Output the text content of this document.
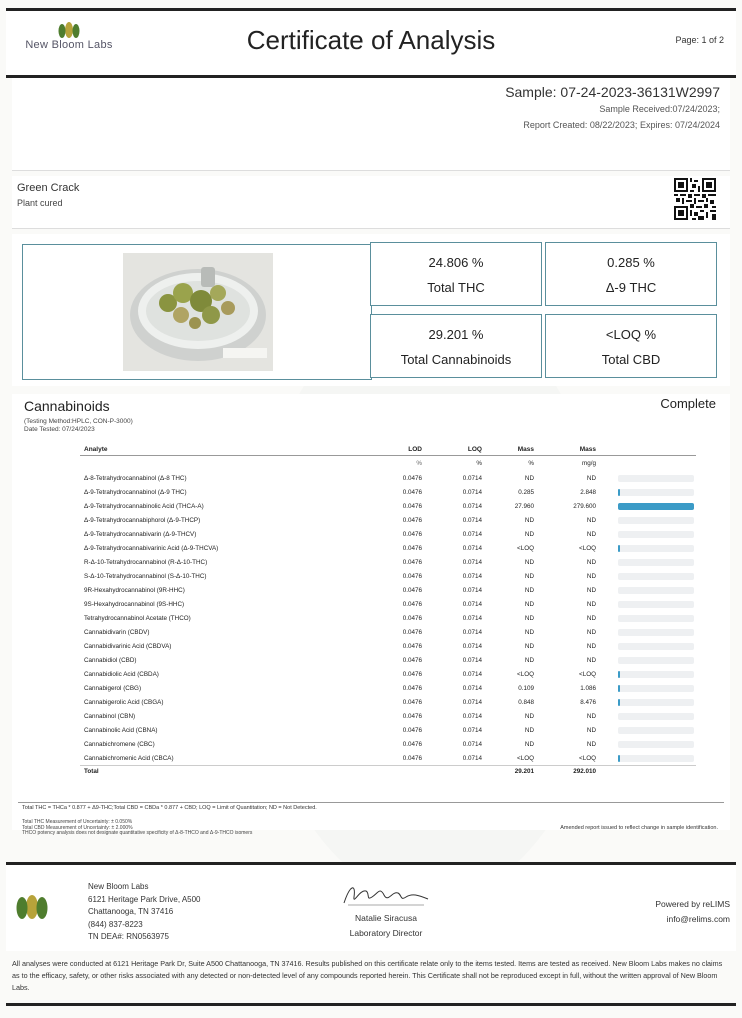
New Bloom Labs	Certificate of Analysis	Page: 1 of 2
Sample: 07-24-2023-36131W2997
Sample Received:07/24/2023;
Report Created: 08/22/2023; Expires: 07/24/2024
Green Crack
Plant cured
24.806 %
Total THC
0.285 %
Δ-9 THC
29.201 %
Total Cannabinoids
<LOQ %
Total CBD
Cannabinoids	Complete
(Testing Method:HPLC, CON-P-3000)
Date Tested: 07/24/2023
Analyte	LOD	LOQ	Mass	Mass	
	%	%	%	mg/g	
Δ-8-Tetrahydrocannabinol (Δ-8 THC)	0.0476	0.0714	ND	ND	

Δ-9-Tetrahydrocannabinol (Δ-9 THC)	0.0476	0.0714	0.285	2.848	

Δ-9-Tetrahydrocannabinolic Acid (THCA-A)	0.0476	0.0714	27.960	279.600	

Δ-9-Tetrahydrocannabiphorol (Δ-9-THCP)	0.0476	0.0714	ND	ND	

Δ-9-Tetrahydrocannabivarin (Δ-9-THCV)	0.0476	0.0714	ND	ND	

Δ-9-Tetrahydrocannabivarinic Acid (Δ-9-THCVA)	0.0476	0.0714	<LOQ	<LOQ	

R-Δ-10-Tetrahydrocannabinol (R-Δ-10-THC)	0.0476	0.0714	ND	ND	

S-Δ-10-Tetrahydrocannabinol (S-Δ-10-THC)	0.0476	0.0714	ND	ND	

9R-Hexahydrocannabinol (9R-HHC)	0.0476	0.0714	ND	ND	

9S-Hexahydrocannabinol (9S-HHC)	0.0476	0.0714	ND	ND	

Tetrahydrocannabinol Acetate (THCO)	0.0476	0.0714	ND	ND	

Cannabidivarin (CBDV)	0.0476	0.0714	ND	ND	

Cannabidivarinic Acid (CBDVA)	0.0476	0.0714	ND	ND	

Cannabidiol (CBD)	0.0476	0.0714	ND	ND	

Cannabidiolic Acid (CBDA)	0.0476	0.0714	<LOQ	<LOQ	

Cannabigerol (CBG)	0.0476	0.0714	0.109	1.086	

Cannabigerolic Acid (CBGA)	0.0476	0.0714	0.848	8.476	

Cannabinol (CBN)	0.0476	0.0714	ND	ND	

Cannabinolic Acid (CBNA)	0.0476	0.0714	ND	ND	

Cannabichromene (CBC)	0.0476	0.0714	ND	ND	

Cannabichromenic Acid (CBCA)	0.0476	0.0714	<LOQ	<LOQ	

Total			29.201	292.010	
Total THC = THCa * 0.877 + Δ9-THC;Total CBD = CBDa * 0.877 + CBD; LOQ = Limit of Quantitation; ND = Not Detected.
Total THC Measurement of Uncertainty: ± 0.050%
Total CBD Measurement of Uncertainty: ± 2.000%
THCO potency analysis does not designate quantitative specificity of Δ-8-THCO and Δ-9-THCO isomers
Amended report issued to reflect change in sample identification.
New Bloom Labs
6121 Heritage Park Drive, A500
Chattanooga, TN 37416
(844) 837-8223
TN DEA#: RN0563975
Natalie Siracusa
Laboratory Director
Powered by reLIMS
info@relims.com
All analyses were conducted at 6121 Heritage Park Dr, Suite A500 Chattanooga, TN 37416. Results published on this certificate relate only to the items tested. Items are tested as received. New Bloom Labs makes no claims as to the efficacy, safety, or other risks associated with any detected or non-detected level of any compounds reported herein. This Certificate shall not be reproduced except in full, without the written approval of New Bloom Labs.
